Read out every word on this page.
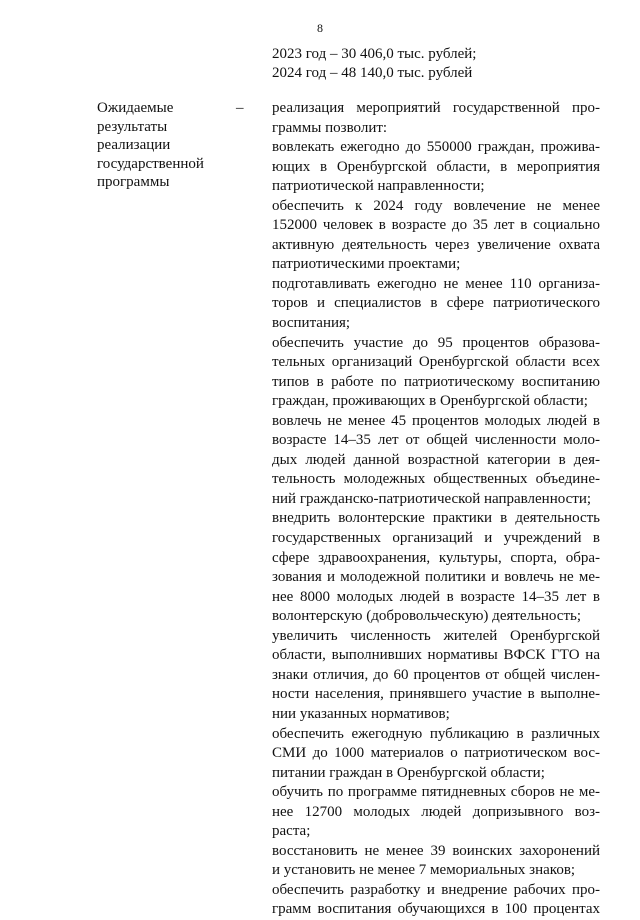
8
2023 год – 30 406,0 тыс. рублей;
2024 год – 48 140,0 тыс. рублей
Ожидаемые
результаты
реализации
государственной
программы
– реализация мероприятий государственной про-
граммы позволит:
вовлекать ежегодно до 550000 граждан, прожива-
ющих в Оренбургской области, в мероприятия
патриотической направленности;
обеспечить к 2024 году вовлечение не менее
152000 человек в возрасте до 35 лет в социально
активную деятельность через увеличение охвата
патриотическими проектами;
подготавливать ежегодно не менее 110 организа-
торов и специалистов в сфере патриотического
воспитания;
обеспечить участие до 95 процентов образова-
тельных организаций Оренбургской области всех
типов в работе по патриотическому воспитанию
граждан, проживающих в Оренбургской области;
вовлечь не менее 45 процентов молодых людей в
возрасте 14–35 лет от общей численности моло-
дых людей данной возрастной категории в дея-
тельность молодежных общественных объедине-
ний гражданско-патриотической направленности;
внедрить волонтерские практики в деятельность
государственных организаций и учреждений в
сфере здравоохранения, культуры, спорта, обра-
зования и молодежной политики и вовлечь не ме-
нее 8000 молодых людей в возрасте 14–35 лет в
волонтерскую (добровольческую) деятельность;
увеличить численность жителей Оренбургской
области, выполнивших нормативы ВФСК ГТО на
знаки отличия, до 60 процентов от общей числен-
ности населения, принявшего участие в выполне-
нии указанных нормативов;
обеспечить ежегодную публикацию в различных
СМИ до 1000 материалов о патриотическом вос-
питании граждан в Оренбургской области;
обучить по программе пятидневных сборов не ме-
нее 12700 молодых людей допризывного воз-
раста;
восстановить не менее 39 воинских захоронений
и установить не менее 7 мемориальных знаков;
обеспечить разработку и внедрение рабочих про-
грамм воспитания обучающихся в 100 процентах
